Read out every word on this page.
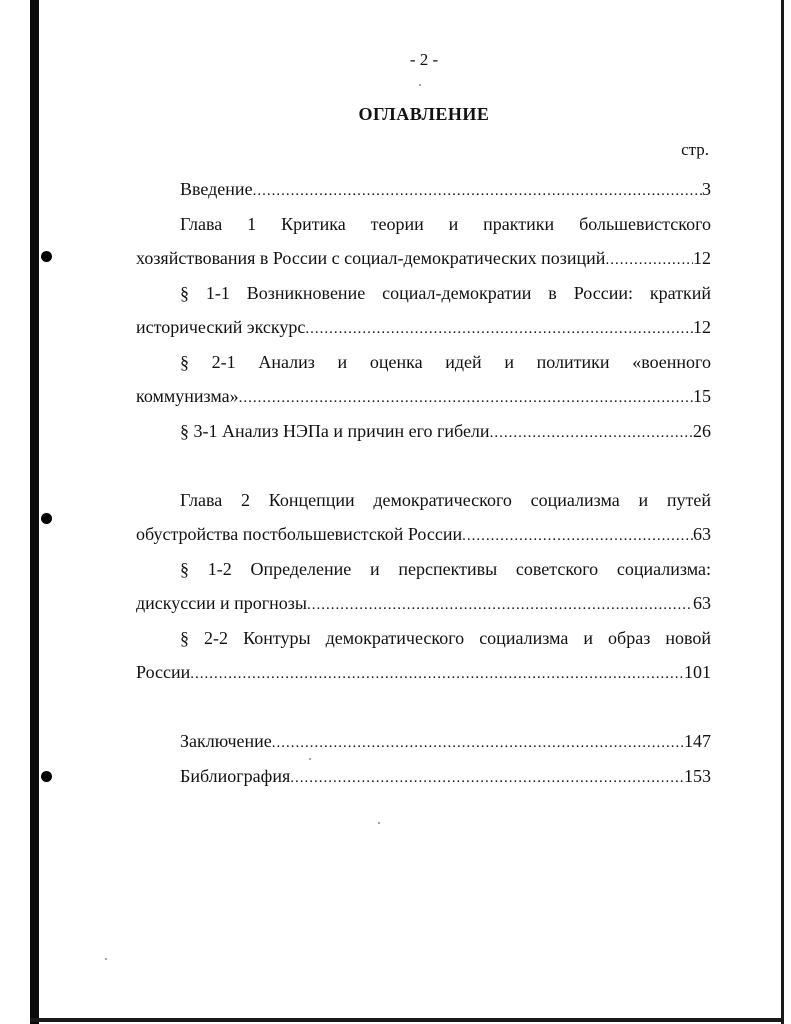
- 2 -
ОГЛАВЛЕНИЕ
стр.
Введение .....	3
Глава 1 Критика теории и практики большевистского
хозяйствования в России с социал-демократических позиций .....	12
§ 1-1 Возникновение социал-демократии в России: краткий
исторический экскурс .....	12
§ 2-1 Анализ и оценка идей и политики «военного
коммунизма» .....	15
§ 3-1 Анализ НЭПа и причин его гибели .....	26
Глава 2 Концепции демократического социализма и путей
обустройства постбольшевистской России .....	63
§ 1-2 Определение и перспективы советского социализма:
дискуссии и прогнозы .....	63
§ 2-2 Контуры демократического социализма и образ новой
России .....	101
Заключение .....	147
Библиография .....	153
